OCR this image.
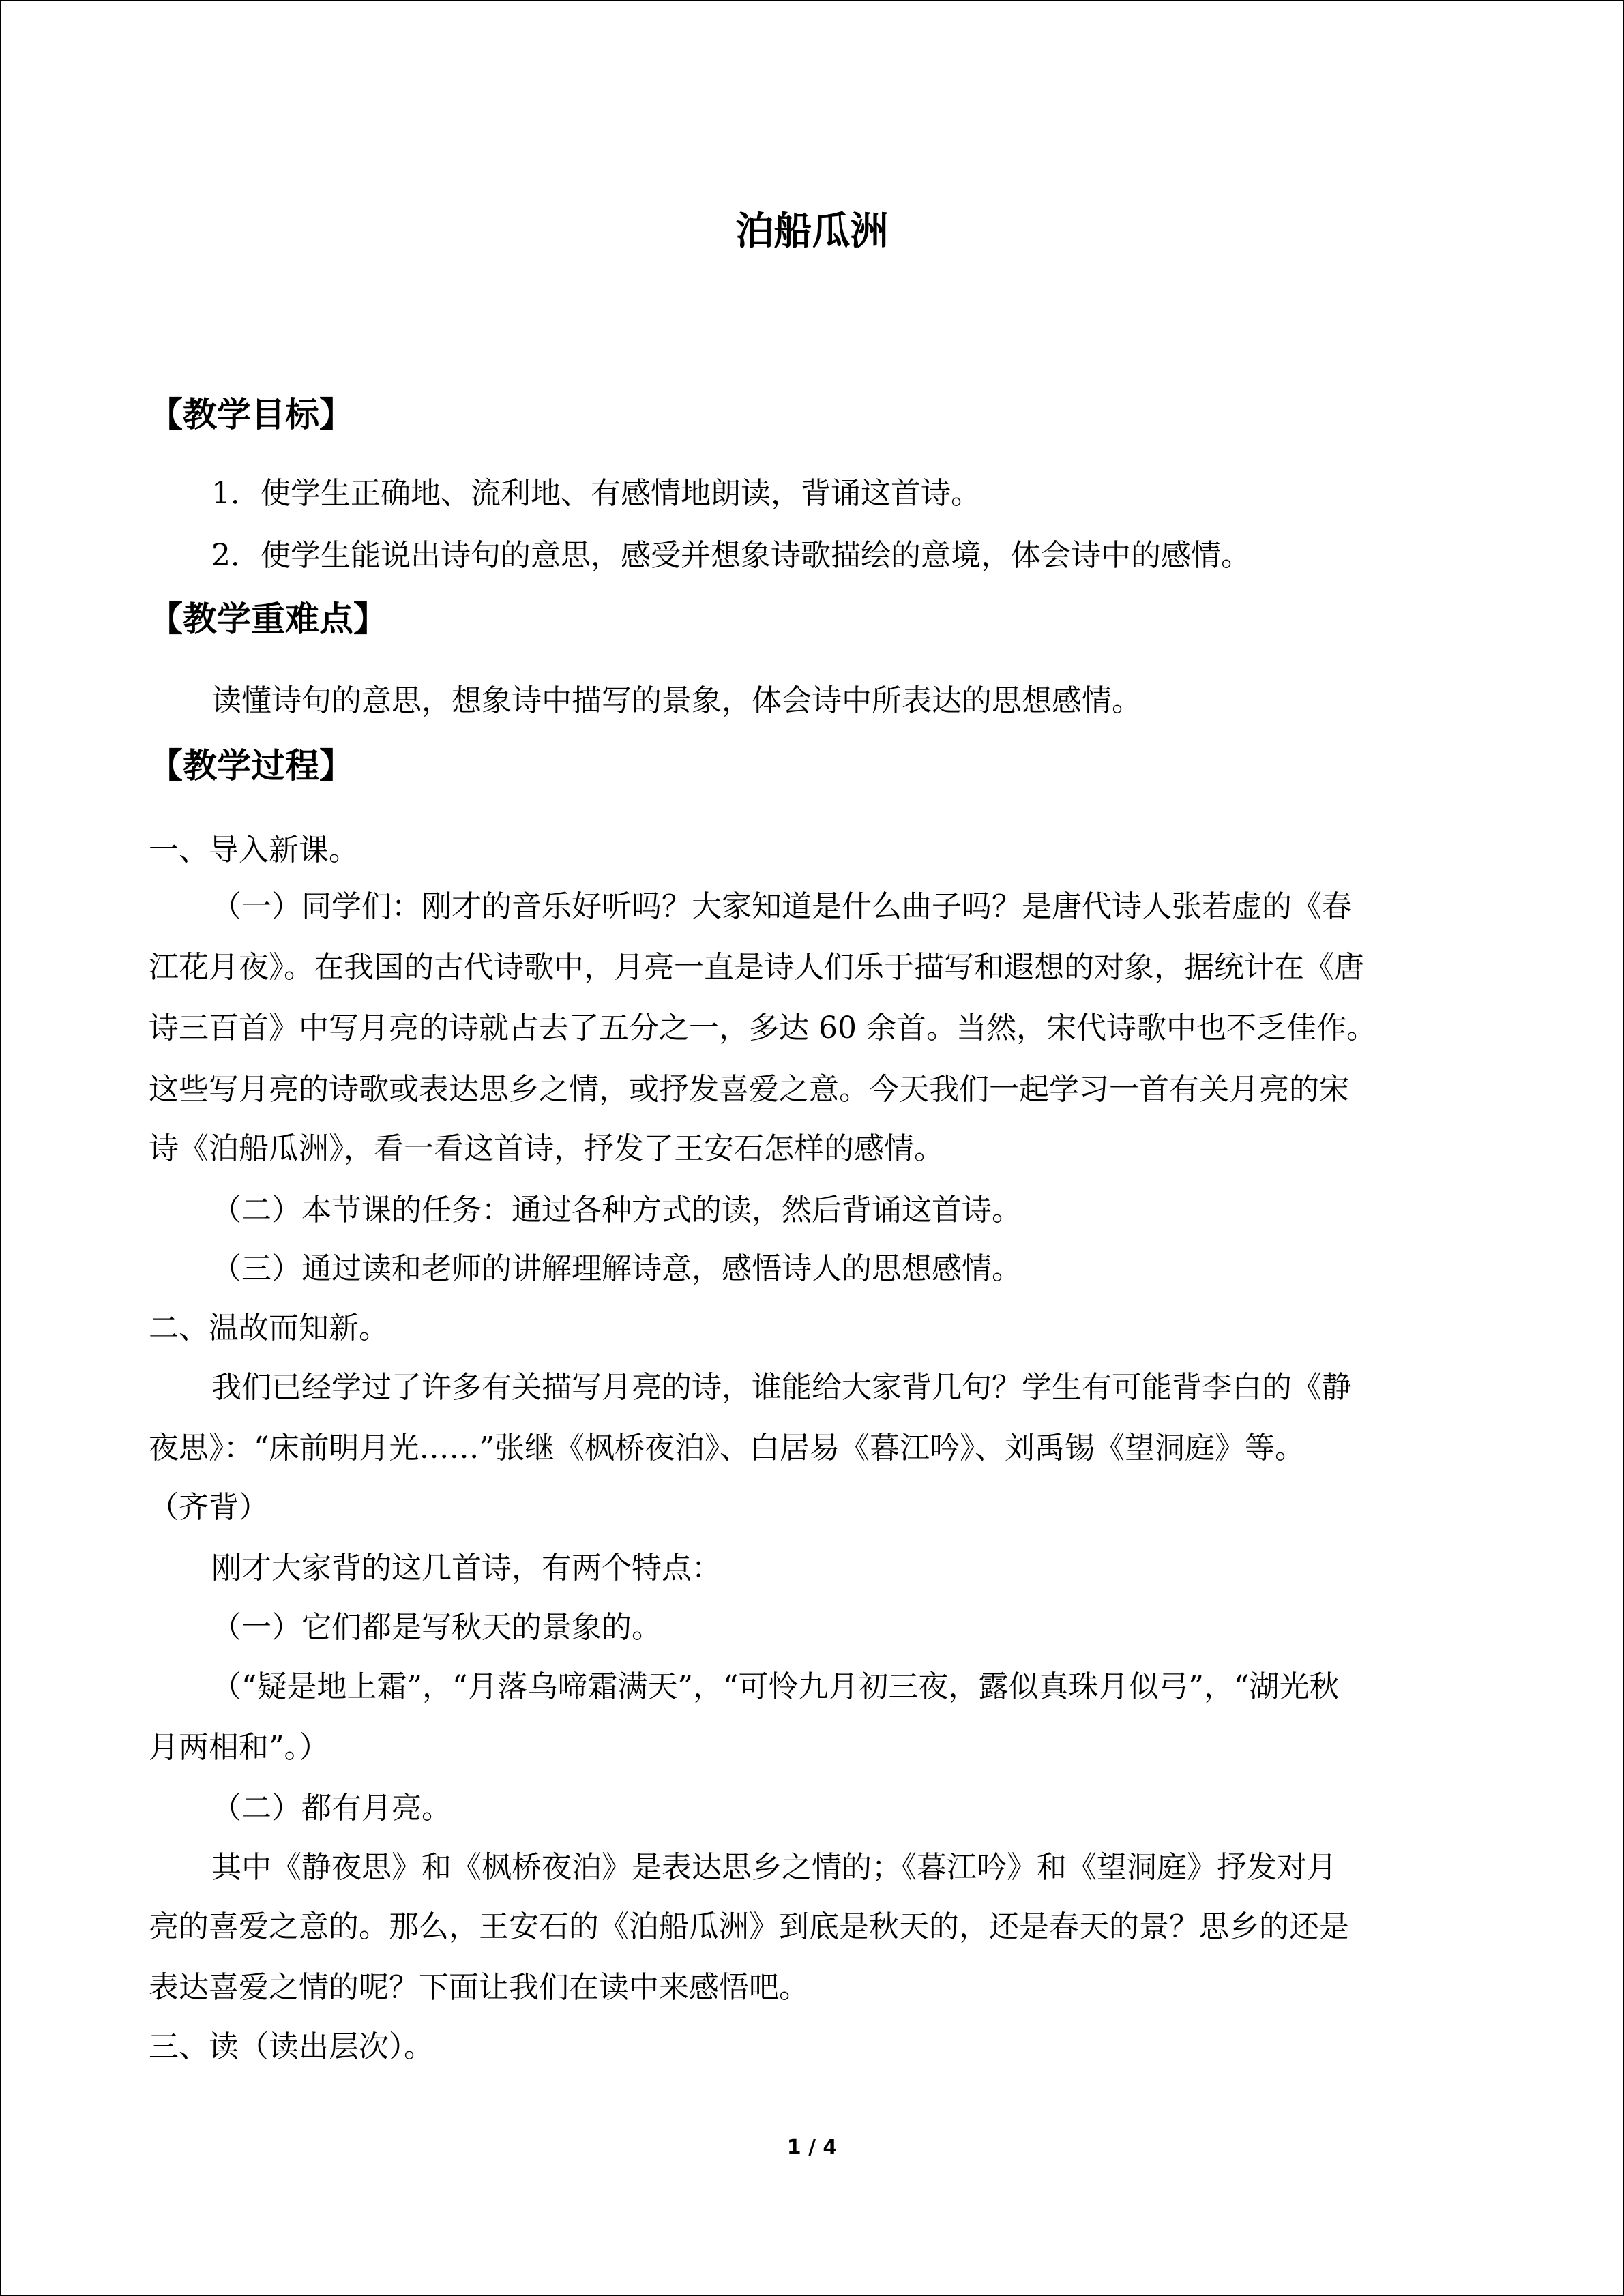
泊船瓜洲
【教学目标】
1．使学生正确地、流利地、有感情地朗读，背诵这首诗。
2．使学生能说出诗句的意思，感受并想象诗歌描绘的意境，体会诗中的感情。
【教学重难点】
读懂诗句的意思，想象诗中描写的景象，体会诗中所表达的思想感情。
【教学过程】
一、导入新课。
（一）同学们：刚才的音乐好听吗？大家知道是什么曲子吗？是唐代诗人张若虚的《春
江花月夜》。在我国的古代诗歌中，月亮一直是诗人们乐于描写和遐想的对象，据统计在《唐
诗三百首》中写月亮的诗就占去了五分之一，多达 60 余首。当然，宋代诗歌中也不乏佳作。
这些写月亮的诗歌或表达思乡之情，或抒发喜爱之意。今天我们一起学习一首有关月亮的宋
诗《泊船瓜洲》，看一看这首诗，抒发了王安石怎样的感情。
（二）本节课的任务：通过各种方式的读，然后背诵这首诗。
（三）通过读和老师的讲解理解诗意，感悟诗人的思想感情。
二、温故而知新。
我们已经学过了许多有关描写月亮的诗，谁能给大家背几句？学生有可能背李白的《静
夜思》：“床前明月光……”张继《枫桥夜泊》、白居易《暮江吟》、刘禹锡《望洞庭》等。
（齐背）
刚才大家背的这几首诗，有两个特点：
（一）它们都是写秋天的景象的。
（“疑是地上霜”，“月落乌啼霜满天”，“可怜九月初三夜，露似真珠月似弓”，“湖光秋
月两相和”。）
（二）都有月亮。
其中《静夜思》和《枫桥夜泊》是表达思乡之情的；《暮江吟》和《望洞庭》抒发对月
亮的喜爱之意的。那么，王安石的《泊船瓜洲》到底是秋天的，还是春天的景？思乡的还是
表达喜爱之情的呢？下面让我们在读中来感悟吧。
三、读（读出层次）。
1 / 4
